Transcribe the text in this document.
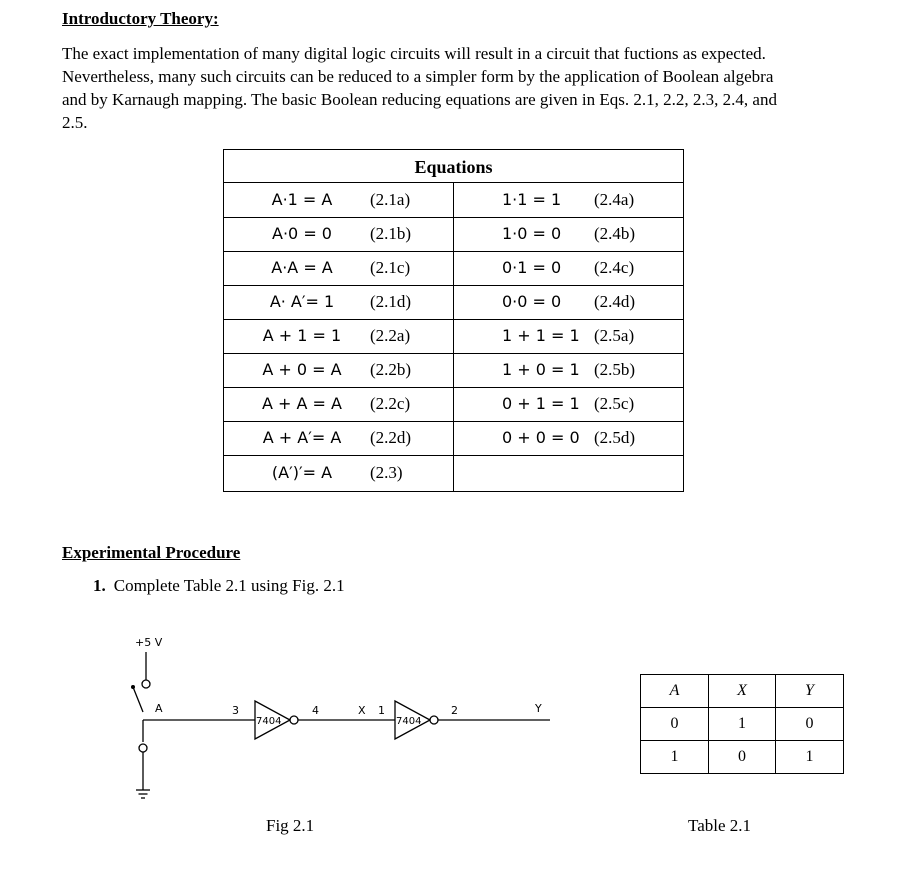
Introductory Theory:

The exact implementation of many digital logic circuits will result in a circuit that fuctions as expected.

Nevertheless, many such circuits can be reduced to a simpler form by the application of Boolean algebra

and by Karnaugh mapping. The basic Boolean reducing equations are given in Eqs. 2.1, 2.2, 2.3, 2.4, and

2.5.

Equations
A·1 = A	(2.1a)	1·1 = 1 (2.4a)
A·0 = 0	(2.1b)	1·0 = 0 (2.4b)
A·A = A	(2.1c)	0·1 = 0 (2.4c)
A· A′= 1	(2.1d)	0·0 = 0 (2.4d)
A + 1 = 1	(2.2a)	1 + 1 = 1 (2.5a)
A + 0 = A	(2.2b)	1 + 0 = 1 (2.5b)
A + A = A	(2.2c)	0 + 1 = 1 (2.5c)
A + A′= A	(2.2d)	0 + 0 = 0 (2.5d)
(A′)′= A	(2.3)
Experimental Procedure
1. Complete Table 2.1 using Fig. 2.1
+5 V
A	3
7404
4	X 1
7404
2	Y
Fig 2.1
A	X	Y
0	1	0
1	0	1
Table 2.1
